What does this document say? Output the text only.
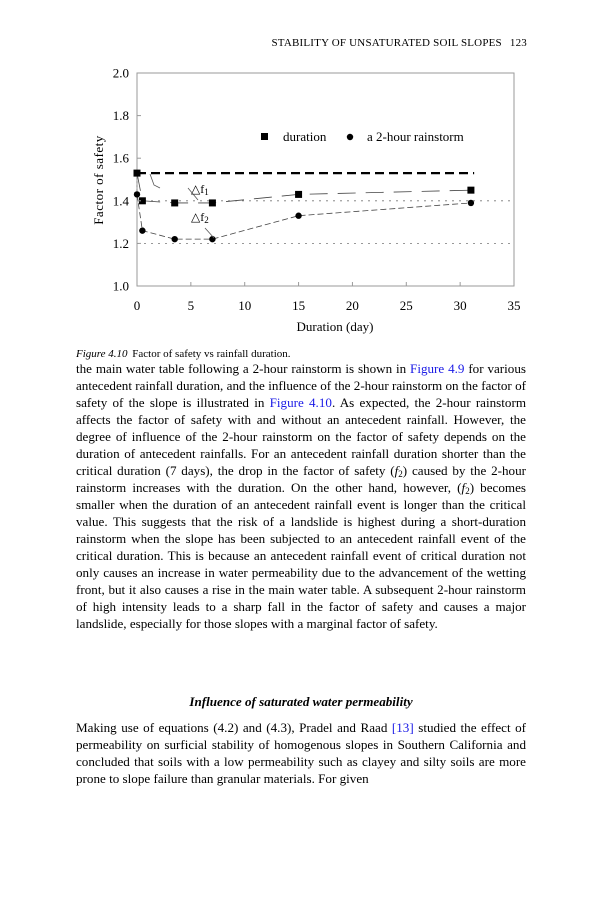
STABILITY OF UNSATURATED SOIL SLOPES 123
1.0
1.2
1.4
1.6
1.8
2.0
0	5	10	15	20	25	30	35
Duration (day)
Factor of safety	duration	a 2-hour rainstorm
△f1
△f2
Figure 4.10 Factor of safety vs rainfall duration.

the main water table following a 2-hour rainstorm is shown in Figure 4.9 for various antecedent rainfall duration, and the influence of the 2-hour rainstorm on the factor of safety of the slope is illustrated in Figure 4.10. As expected, the 2-hour rainstorm affects the factor of safety with and without an antecedent rainfall. However, the degree of influence of the 2-hour rainstorm on the factor of safety depends on the duration of antecedent rainfalls. For an antecedent rainfall duration shorter than the critical duration (7 days), the drop in the factor of safety $(f_2)$ caused by the 2-hour rainstorm increases with the duration. On the other hand, however, $(f_2)$ becomes smaller when the duration of an antecedent rainfall event is longer than the critical value. This suggests that the risk of a landslide is highest during a short-duration rainstorm when the slope has been subjected to an antecedent rainfall event of the critical duration. This is because an antecedent rainfall event of critical duration not only causes an increase in water permeability due to the advancement of the wetting front, but it also causes a rise in the main water table. A subsequent 2-hour rainstorm of high intensity leads to a sharp fall in the factor of safety and causes a major landslide, especially for those slopes with a marginal factor of safety.

Influence of saturated water permeability

Making use of equations (4.2) and (4.3), Pradel and Raad [13] studied the effect of permeability on surficial stability of homogenous slopes in Southern California and concluded that soils with a low permeability such as clayey and silty soils are more prone to slope failure than granular materials. For given
